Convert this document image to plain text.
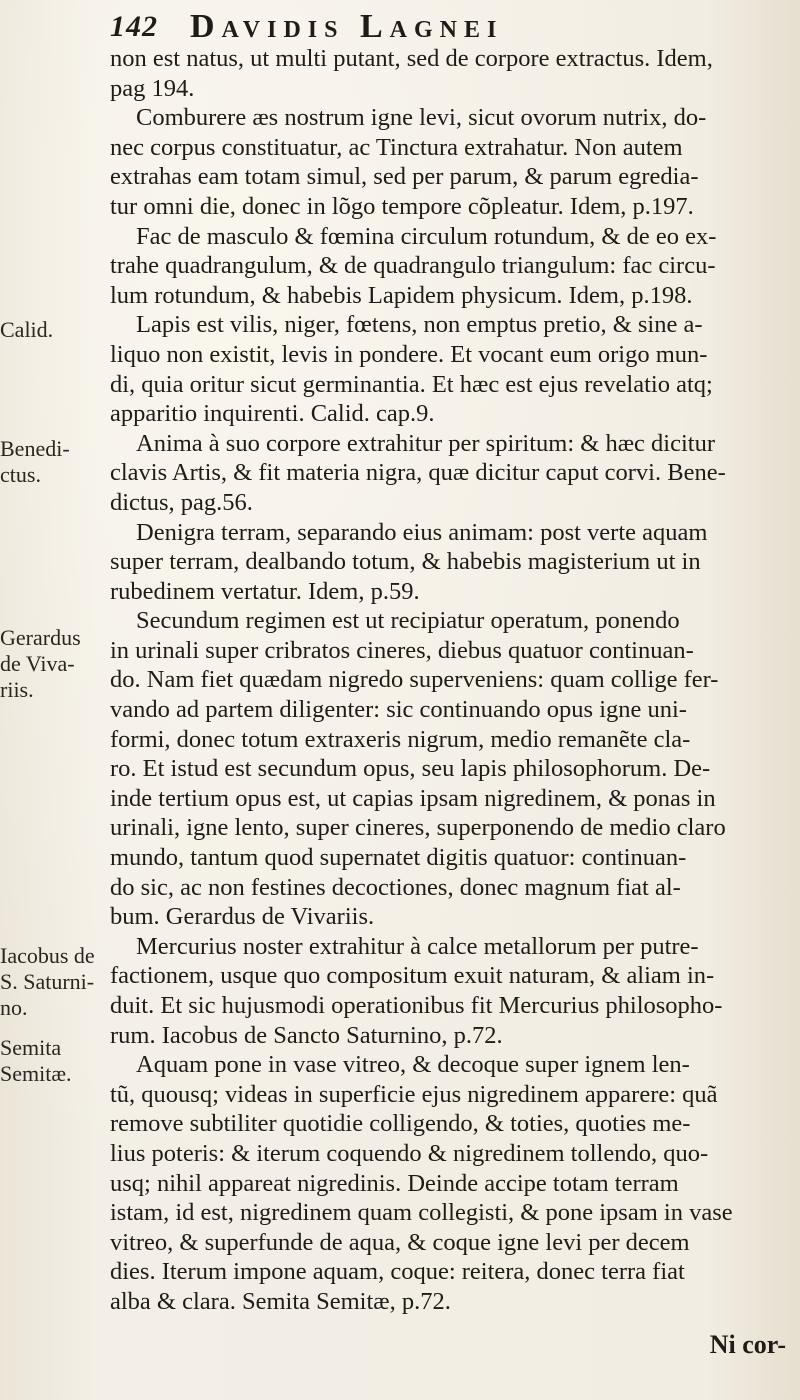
142 Davidis Lagnei
Calid.
Benedi-
ctus.
Gerardus
de Viva-
riis.
Iacobus de
S. Saturni-
no.
Semita
Semitæ.
non est natus, ut multi putant, sed de corpore extractus. Idem,
pag 194.
Comburere æs nostrum igne levi, sicut ovorum nutrix, do-
nec corpus constituatur, ac Tinctura extrahatur. Non autem
extrahas eam totam simul, sed per parum, & parum egredia-
tur omni die, donec in lõgo tempore cõpleatur. Idem, p.197.
Fac de masculo & fœmina circulum rotundum, & de eo ex-
trahe quadrangulum, & de quadrangulo triangulum: fac circu-
lum rotundum, & habebis Lapidem physicum. Idem, p.198.
Lapis est vilis, niger, fœtens, non emptus pretio, & sine a-
liquo non existit, levis in pondere. Et vocant eum origo mun-
di, quia oritur sicut germinantia. Et hæc est ejus revelatio atq;
apparitio inquirenti. Calid. cap.9.
Anima à suo corpore extrahitur per spiritum: & hæc dicitur
clavis Artis, & fit materia nigra, quæ dicitur caput corvi. Bene-
dictus, pag.56.
Denigra terram, separando eius animam: post verte aquam
super terram, dealbando totum, & habebis magisterium ut in
rubedinem vertatur. Idem, p.59.
Secundum regimen est ut recipiatur operatum, ponendo
in urinali super cribratos cineres, diebus quatuor continuan-
do. Nam fiet quædam nigredo superveniens: quam collige fer-
vando ad partem diligenter: sic continuando opus igne uni-
formi, donec totum extraxeris nigrum, medio remanẽte cla-
ro. Et istud est secundum opus, seu lapis philosophorum. De-
inde tertium opus est, ut capias ipsam nigredinem, & ponas in
urinali, igne lento, super cineres, superponendo de medio claro
mundo, tantum quod supernatet digitis quatuor: continuan-
do sic, ac non festines decoctiones, donec magnum fiat al-
bum. Gerardus de Vivariis.
Mercurius noster extrahitur à calce metallorum per putre-
factionem, usque quo compositum exuit naturam, & aliam in-
duit. Et sic hujusmodi operationibus fit Mercurius philosopho-
rum. Iacobus de Sancto Saturnino, p.72.
Aquam pone in vase vitreo, & decoque super ignem len-
tũ, quousq; videas in superficie ejus nigredinem apparere: quã
remove subtiliter quotidie colligendo, & toties, quoties me-
lius poteris: & iterum coquendo & nigredinem tollendo, quo-
usq; nihil appareat nigredinis. Deinde accipe totam terram
istam, id est, nigredinem quam collegisti, & pone ipsam in vase
vitreo, & superfunde de aqua, & coque igne levi per decem
dies. Iterum impone aquam, coque: reitera, donec terra fiat
alba & clara. Semita Semitæ, p.72.
Ni cor-
